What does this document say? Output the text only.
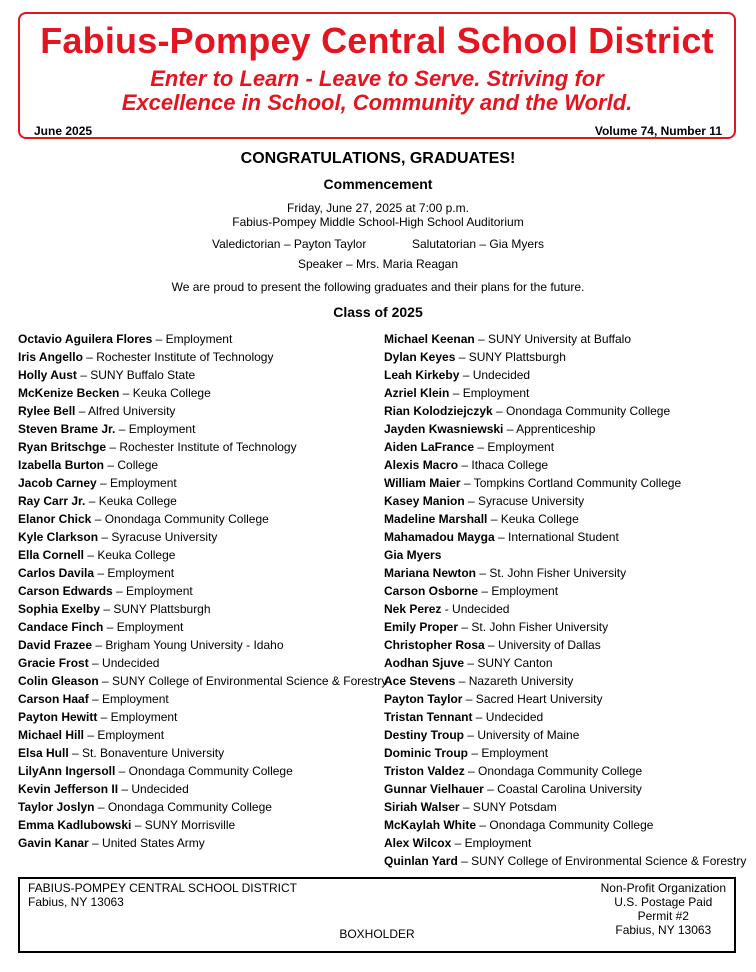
Fabius-Pompey Central School District
Enter to Learn - Leave to Serve. Striving for
Excellence in School, Community and the World.
June 2025	Volume 74, Number 11
CONGRATULATIONS, GRADUATES!
Commencement
Friday, June 27, 2025 at 7:00 p.m.
Fabius-Pompey Middle School-High School Auditorium
Valedictorian – Payton Taylor	Salutatorian – Gia Myers
Speaker – Mrs. Maria Reagan
We are proud to present the following graduates and their plans for the future.
Class of 2025
Octavio Aguilera Flores – Employment
Iris Angello – Rochester Institute of Technology
Holly Aust – SUNY Buffalo State
McKenize Becken – Keuka College
Rylee Bell – Alfred University
Steven Brame Jr. – Employment
Ryan Britschge – Rochester Institute of Technology
Izabella Burton – College
Jacob Carney – Employment
Ray Carr Jr. – Keuka College
Elanor Chick – Onondaga Community College
Kyle Clarkson – Syracuse University
Ella Cornell – Keuka College
Carlos Davila – Employment
Carson Edwards – Employment
Sophia Exelby – SUNY Plattsburgh
Candace Finch – Employment
David Frazee – Brigham Young University - Idaho
Gracie Frost – Undecided
Colin Gleason – SUNY College of Environmental Science & Forestry
Carson Haaf – Employment
Payton Hewitt – Employment
Michael Hill – Employment
Elsa Hull – St. Bonaventure University
LilyAnn Ingersoll – Onondaga Community College
Kevin Jefferson II – Undecided
Taylor Joslyn – Onondaga Community College
Emma Kadlubowski – SUNY Morrisville
Gavin Kanar – United States Army
Michael Keenan – SUNY University at Buffalo
Dylan Keyes – SUNY Plattsburgh
Leah Kirkeby – Undecided
Azriel Klein – Employment
Rian Kolodziejczyk – Onondaga Community College
Jayden Kwasniewski – Apprenticeship
Aiden LaFrance – Employment
Alexis Macro – Ithaca College
William Maier – Tompkins Cortland Community College
Kasey Manion – Syracuse University
Madeline Marshall – Keuka College
Mahamadou Mayga – International Student
Gia Myers
Mariana Newton – St. John Fisher University
Carson Osborne – Employment
Nek Perez - Undecided
Emily Proper – St. John Fisher University
Christopher Rosa – University of Dallas
Aodhan Sjuve – SUNY Canton
Ace Stevens – Nazareth University
Payton Taylor – Sacred Heart University
Tristan Tennant – Undecided
Destiny Troup – University of Maine
Dominic Troup – Employment
Triston Valdez – Onondaga Community College
Gunnar Vielhauer – Coastal Carolina University
Siriah Walser – SUNY Potsdam
McKaylah White – Onondaga Community College
Alex Wilcox – Employment
Quinlan Yard – SUNY College of Environmental Science & Forestry
FABIUS-POMPEY CENTRAL SCHOOL DISTRICT
Fabius, NY 13063
Non-Profit Organization
U.S. Postage Paid
Permit #2
Fabius, NY 13063
BOXHOLDER
